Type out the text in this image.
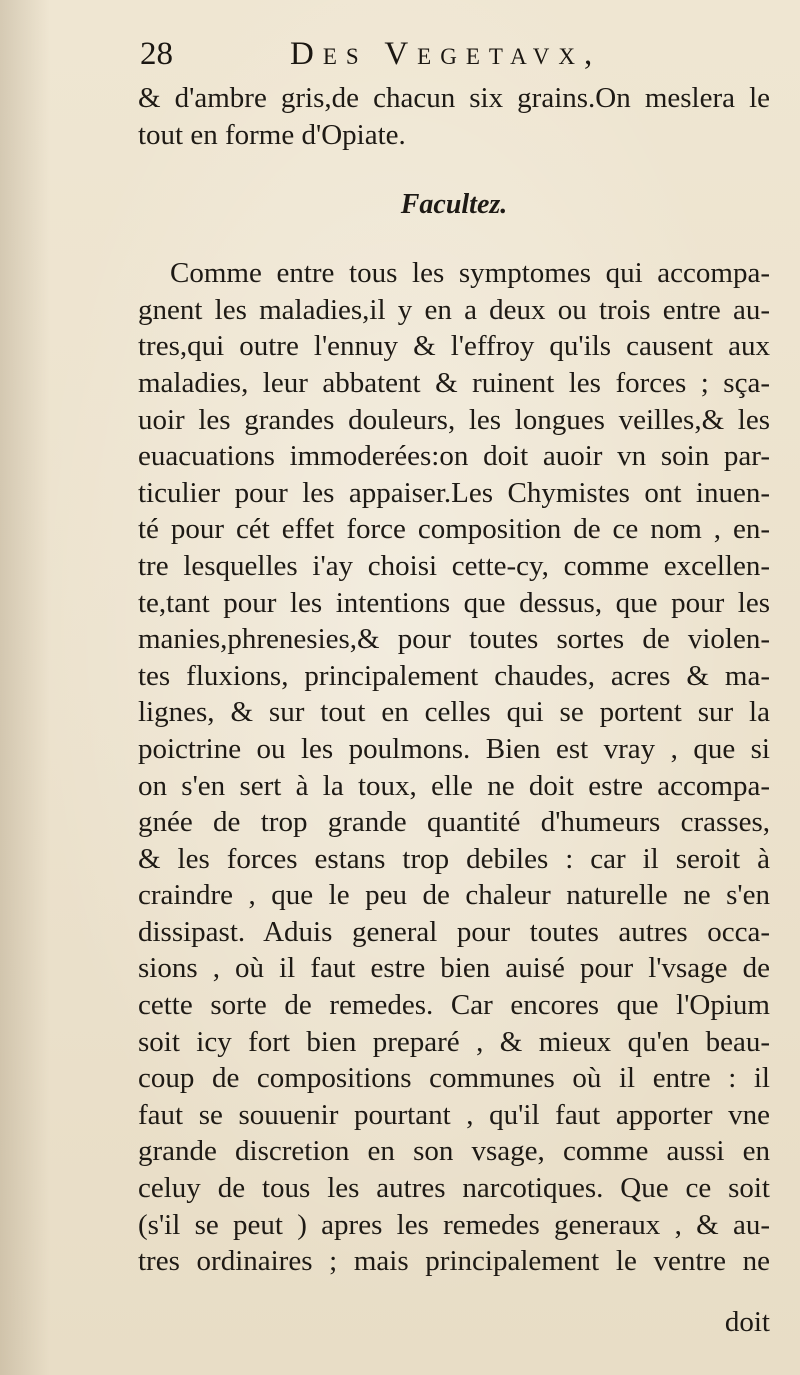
28	Des Vegetavx,
& d'ambre gris,de chacun six grains.On meslera le
tout en forme d'Opiate.
Facultez.
Comme entre tous les symptomes qui accompa-
gnent les maladies,il y en a deux ou trois entre au-
tres,qui outre l'ennuy & l'effroy qu'ils causent aux
maladies, leur abbatent & ruinent les forces ; sça-
uoir les grandes douleurs, les longues veilles,& les
euacuations immoderées:on doit auoir vn soin par-
ticulier pour les appaiser.Les Chymistes ont inuen-
té pour cét effet force composition de ce nom , en-
tre lesquelles i'ay choisi cette-cy, comme excellen-
te,tant pour les intentions que dessus, que pour les
manies,phrenesies,& pour toutes sortes de violen-
tes fluxions, principalement chaudes, acres & ma-
lignes, & sur tout en celles qui se portent sur la
poictrine ou les poulmons. Bien est vray , que si
on s'en sert à la toux, elle ne doit estre accompa-
gnée de trop grande quantité d'humeurs crasses,
& les forces estans trop debiles : car il seroit à
craindre , que le peu de chaleur naturelle ne s'en
dissipast. Aduis general pour toutes autres occa-
sions , où il faut estre bien auisé pour l'vsage de
cette sorte de remedes. Car encores que l'Opium
soit icy fort bien preparé , & mieux qu'en beau-
coup de compositions communes où il entre : il
faut se souuenir pourtant , qu'il faut apporter vne
grande discretion en son vsage, comme aussi en
celuy de tous les autres narcotiques. Que ce soit
(s'il se peut ) apres les remedes generaux , & au-
tres ordinaires ; mais principalement le ventre ne
doit
